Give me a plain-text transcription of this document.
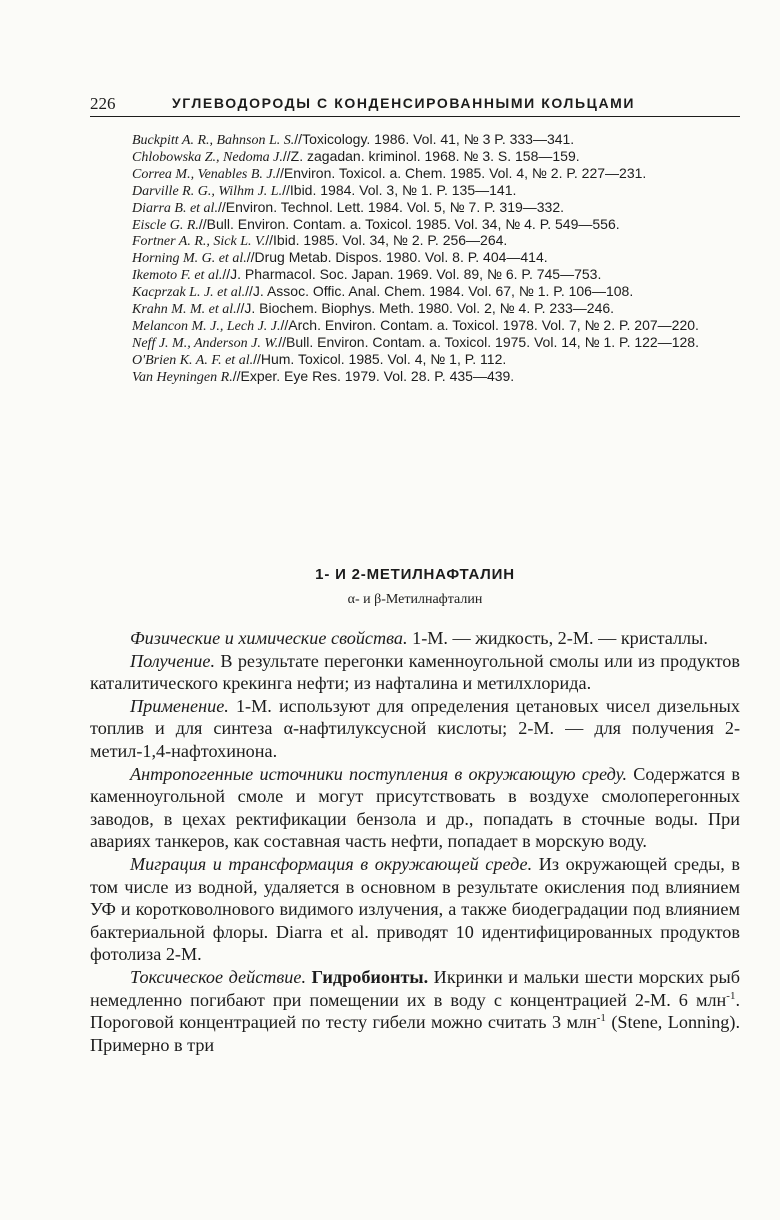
226	УГЛЕВОДОРОДЫ С КОНДЕНСИРОВАННЫМИ КОЛЬЦАМИ

Buckpitt A. R., Bahnson L. S.//Toxicology. 1986. Vol. 41, № 3 P. 333—341.

Chlobowska Z., Nedoma J.//Z. zagadan. kriminol. 1968. № 3. S. 158—159.

Correa M., Venables B. J.//Environ. Toxicol. a. Chem. 1985. Vol. 4, № 2. P. 227—231.

Darville R. G., Wilhm J. L.//Ibid. 1984. Vol. 3, № 1. P. 135—141.

Diarra B. et al.//Environ. Technol. Lett. 1984. Vol. 5, № 7. P. 319—332.

Eiscle G. R.//Bull. Environ. Contam. a. Toxicol. 1985. Vol. 34, № 4. P. 549—556.

Fortner A. R., Sick L. V.//Ibid. 1985. Vol. 34, № 2. P. 256—264.

Horning M. G. et al.//Drug Metab. Dispos. 1980. Vol. 8. P. 404—414.

Ikemoto F. et al.//J. Pharmacol. Soc. Japan. 1969. Vol. 89, № 6. P. 745—753.

Kacprzak L. J. et al.//J. Assoc. Offic. Anal. Chem. 1984. Vol. 67, № 1. P. 106—108.

Krahn M. M. et al.//J. Biochem. Biophys. Meth. 1980. Vol. 2, № 4. P. 233—246.

Melancon M. J., Lech J. J.//Arch. Environ. Contam. a. Toxicol. 1978. Vol. 7, № 2. P. 207—220.

Neff J. M., Anderson J. W.//Bull. Environ. Contam. a. Toxicol. 1975. Vol. 14, № 1. P. 122—128.

O'Brien K. A. F. et al.//Hum. Toxicol. 1985. Vol. 4, № 1, P. 112.

Van Heyningen R.//Exper. Eye Res. 1979. Vol. 28. P. 435—439.

1- И 2-МЕТИЛНАФТАЛИН
α- и β-Метилнафталин

Физические и химические свойства. 1-М. — жидкость, 2-М. — кристаллы.

Получение. В результате перегонки каменноугольной смолы или из продуктов каталитического крекинга нефти; из нафталина и метилхлорида.

Применение. 1-М. используют для определения цетановых чисел дизельных топлив и для синтеза α-нафтилуксусной кислоты; 2-М. — для получения 2-метил-1,4-нафтохинона.

Антропогенные источники поступления в окружающую среду. Содержатся в каменноугольной смоле и могут присутствовать в воздухе смолоперегонных заводов, в цехах ректификации бензола и др., попадать в сточные воды. При авариях танкеров, как составная часть нефти, попадает в морскую воду.

Миграция и трансформация в окружающей среде. Из окружающей среды, в том числе из водной, удаляется в основном в результате окисления под влиянием УФ и коротковолнового видимого излучения, а также биодеградации под влиянием бактериальной флоры. Diarra et al. приводят 10 идентифицированных продуктов фотолиза 2-М.

Токсическое действие. Гидробионты. Икринки и мальки шести морских рыб немедленно погибают при помещении их в воду с концентрацией 2-М. 6 млн$^{-1}$. Пороговой концентрацией по тесту гибели можно считать 3 млн$^{-1}$ (Stene, Lonning). Примерно в три
